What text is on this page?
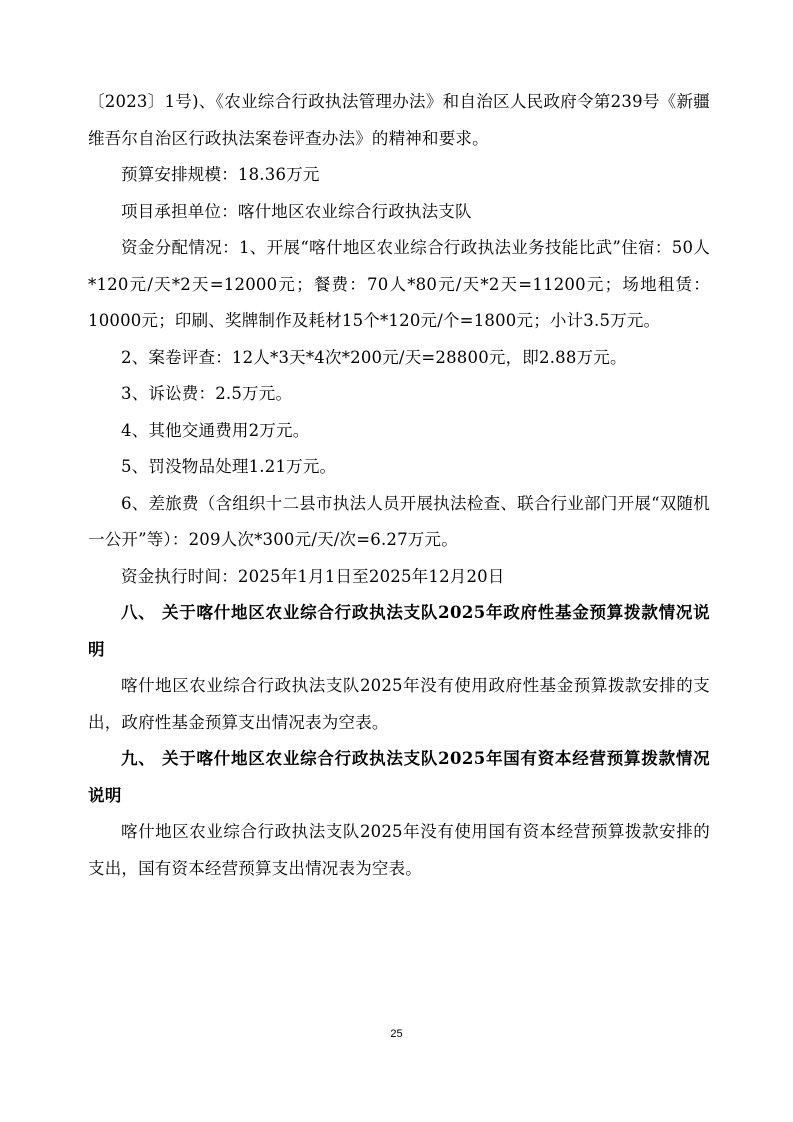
〔2023〕1号)、《农业综合行政执法管理办法》和自治区人民政府令第239号《新疆维吾尔自治区行政执法案卷评查办法》的精神和要求。

预算安排规模：18.36万元

项目承担单位：喀什地区农业综合行政执法支队

资金分配情况：1、开展“喀什地区农业综合行政执法业务技能比武”住宿：50人*120元/天*2天=12000元；餐费：70人*80元/天*2天=11200元；场地租赁：10000元；印刷、奖牌制作及耗材15个*120元/个=1800元；小计3.5万元。

2、案卷评查：12人*3天*4次*200元/天=28800元，即2.88万元。

3、诉讼费：2.5万元。

4、其他交通费用2万元。

5、罚没物品处理1.21万元。

6、差旅费（含组织十二县市执法人员开展执法检查、联合行业部门开展“双随机一公开”等）：209人次*300元/天/次=6.27万元。

资金执行时间：2025年1月1日至2025年12月20日

八、 关于喀什地区农业综合行政执法支队2025年政府性基金预算拨款情况说明

喀什地区农业综合行政执法支队2025年没有使用政府性基金预算拨款安排的支出，政府性基金预算支出情况表为空表。

九、 关于喀什地区农业综合行政执法支队2025年国有资本经营预算拨款情况说明

喀什地区农业综合行政执法支队2025年没有使用国有资本经营预算拨款安排的支出，国有资本经营预算支出情况表为空表。

25
